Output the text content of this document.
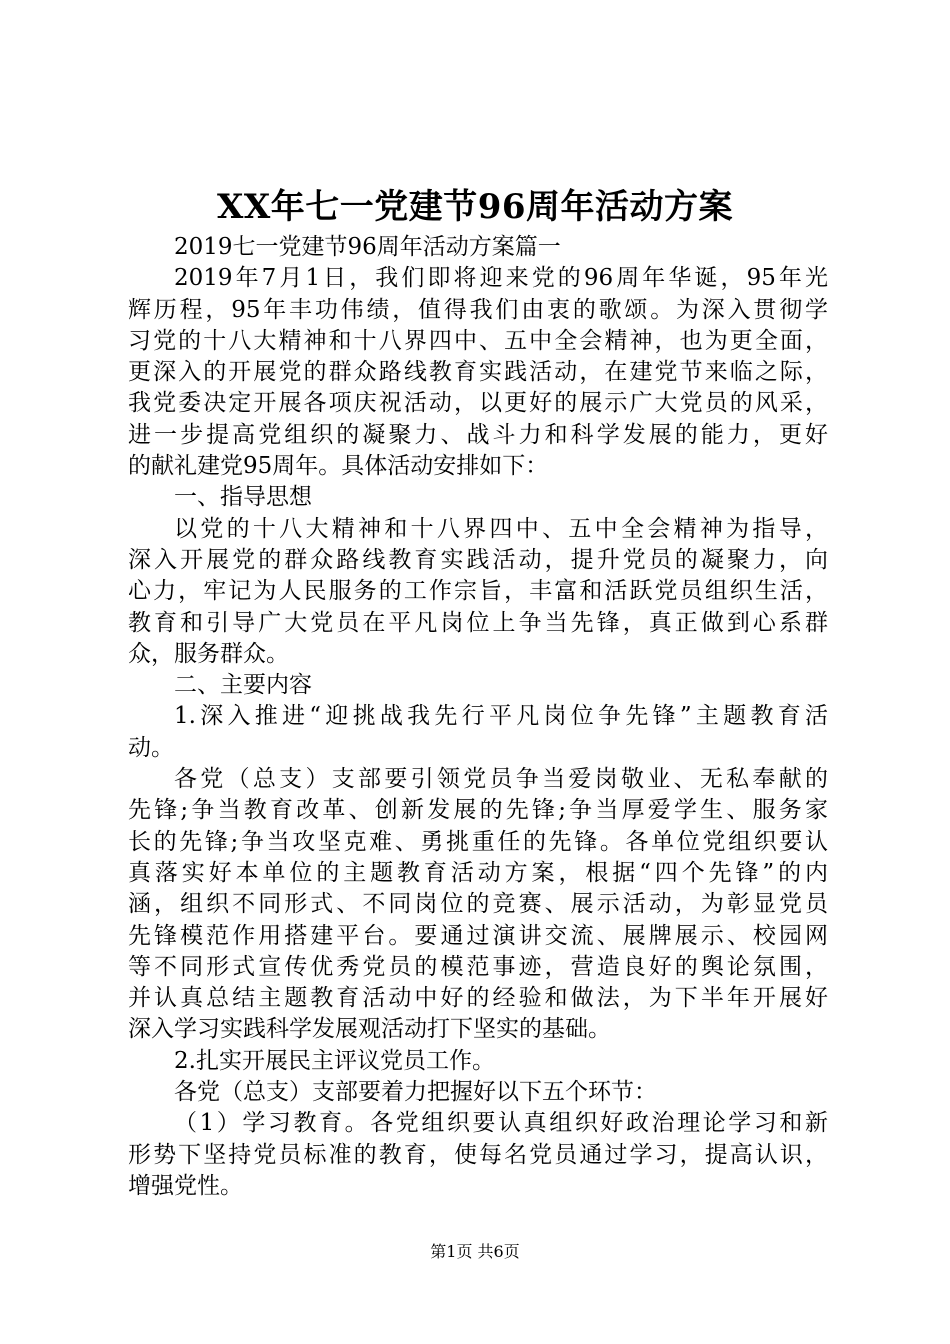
XX年七一党建节96周年活动方案
2019七一党建节96周年活动方案篇一
2019年7月1日，我们即将迎来党的96周年华诞，95年光
辉历程，95年丰功伟绩，值得我们由衷的歌颂。为深入贯彻学
习党的十八大精神和十八界四中、五中全会精神，也为更全面，
更深入的开展党的群众路线教育实践活动，在建党节来临之际，
我党委决定开展各项庆祝活动，以更好的展示广大党员的风采，
进一步提高党组织的凝聚力、战斗力和科学发展的能力，更好
的献礼建党95周年。具体活动安排如下：
一、指导思想
以党的十八大精神和十八界四中、五中全会精神为指导，
深入开展党的群众路线教育实践活动，提升党员的凝聚力，向
心力，牢记为人民服务的工作宗旨，丰富和活跃党员组织生活，
教育和引导广大党员在平凡岗位上争当先锋，真正做到心系群
众，服务群众。
二、主要内容
1.深入推进“迎挑战我先行平凡岗位争先锋”主题教育活
动。
各党（总支）支部要引领党员争当爱岗敬业、无私奉献的
先锋;争当教育改革、创新发展的先锋;争当厚爱学生、服务家
长的先锋;争当攻坚克难、勇挑重任的先锋。各单位党组织要认
真落实好本单位的主题教育活动方案，根据“四个先锋”的内
涵，组织不同形式、不同岗位的竞赛、展示活动，为彰显党员
先锋模范作用搭建平台。要通过演讲交流、展牌展示、校园网
等不同形式宣传优秀党员的模范事迹，营造良好的舆论氛围，
并认真总结主题教育活动中好的经验和做法，为下半年开展好
深入学习实践科学发展观活动打下坚实的基础。
2.扎实开展民主评议党员工作。
各党（总支）支部要着力把握好以下五个环节：
（1）学习教育。各党组织要认真组织好政治理论学习和新
形势下坚持党员标准的教育，使每名党员通过学习，提高认识，
增强党性。
第1页 共6页
